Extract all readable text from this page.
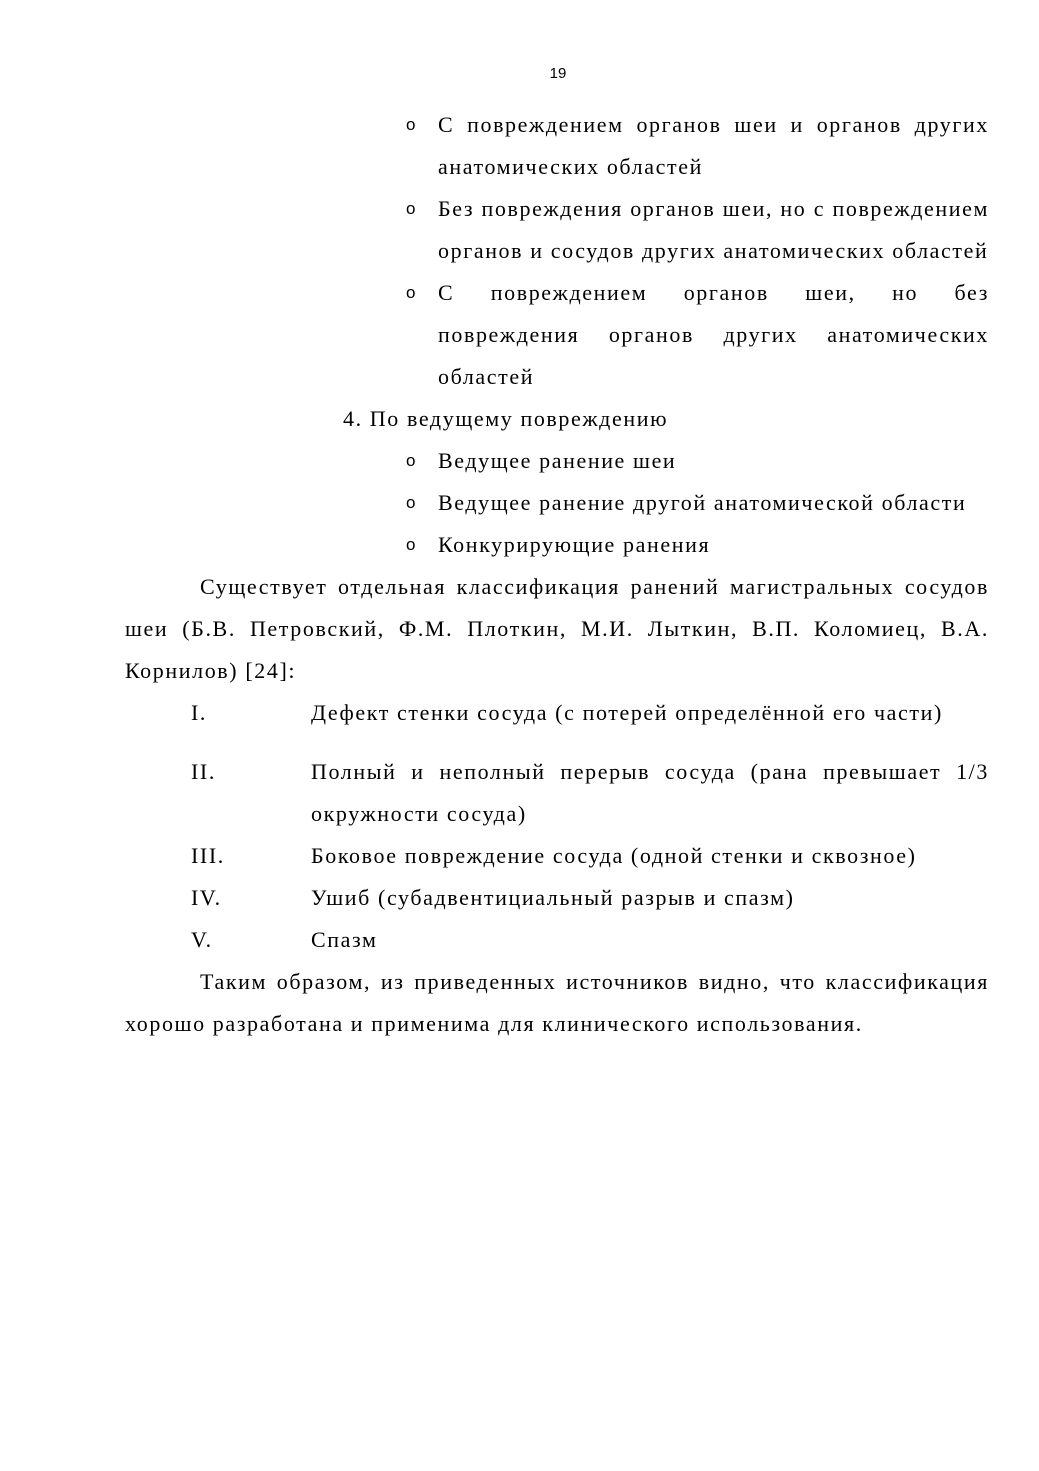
19
o С повреждением органов шеи и органов других анатомических областей
o Без повреждения органов шеи, но с повреждением органов и сосудов других анатомических областей
o С повреждением органов шеи, но без повреждения органов других анатомических областей
4. По ведущему повреждению
o Ведущее ранение шеи
o Ведущее ранение другой анатомической области
o Конкурирующие ранения
Существует отдельная классификация ранений магистральных сосудов шеи (Б.В. Петровский, Ф.М. Плоткин, М.И. Лыткин, В.П. Коломиец, В.А. Корнилов) [24]:
I.	Дефект стенки сосуда (с потерей определённой его части)
II.	Полный и неполный перерыв сосуда (рана превышает 1/3 окружности сосуда)
III.	Боковое повреждение сосуда (одной стенки и сквозное)
IV.	Ушиб (субадвентициальный разрыв и спазм)
V.	Спазм
Таким образом, из приведенных источников видно, что классификация хорошо разработана и применима для клинического использования.
